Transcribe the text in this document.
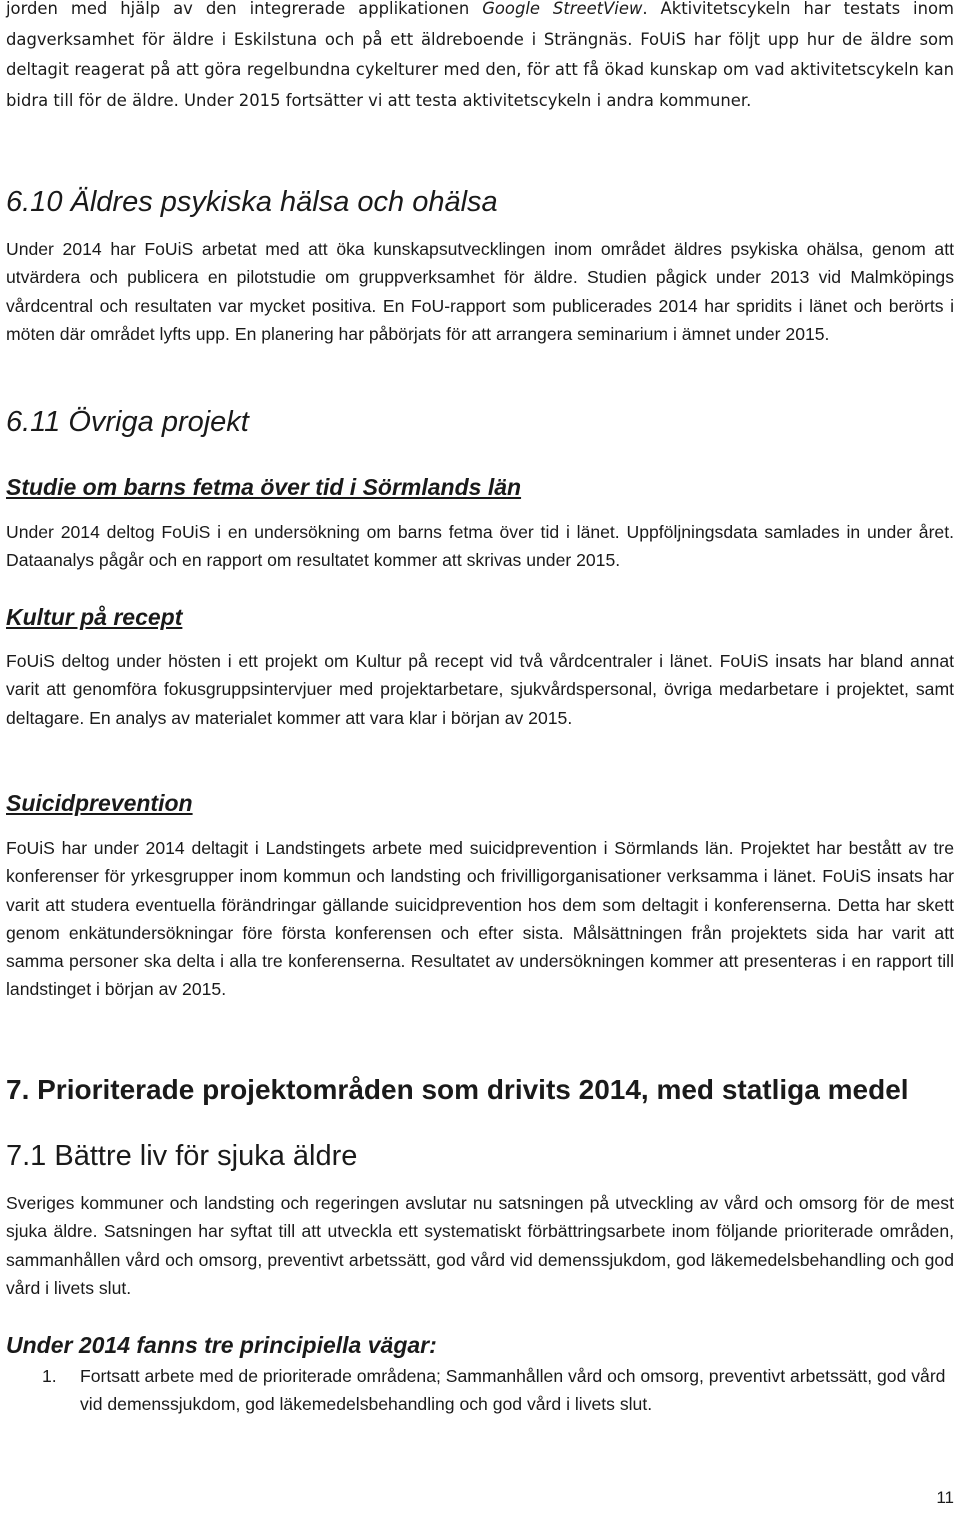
jorden med hjälp av den integrerade applikationen Google StreetView. Aktivitetscykeln har testats inom dagverksamhet för äldre i Eskilstuna och på ett äldreboende i Strängnäs. FoUiS har följt upp hur de äldre som deltagit reagerat på att göra regelbundna cykelturer med den, för att få ökad kunskap om vad aktivitetscykeln kan bidra till för de äldre. Under 2015 fortsätter vi att testa aktivitetscykeln i andra kommuner.

6.10 Äldres psykiska hälsa och ohälsa

Under 2014 har FoUiS arbetat med att öka kunskapsutvecklingen inom området äldres psykiska ohälsa, genom att utvärdera och publicera en pilotstudie om gruppverksamhet för äldre. Studien pågick under 2013 vid Malmköpings vårdcentral och resultaten var mycket positiva. En FoU-rapport som publicerades 2014 har spridits i länet och berörts i möten där området lyfts upp. En planering har påbörjats för att arrangera seminarium i ämnet under 2015.

6.11 Övriga projekt
Studie om barns fetma över tid i Sörmlands län

Under 2014 deltog FoUiS i en undersökning om barns fetma över tid i länet. Uppföljningsdata samlades in under året. Dataanalys pågår och en rapport om resultatet kommer att skrivas under 2015.

Kultur på recept

FoUiS deltog under hösten i ett projekt om Kultur på recept vid två vårdcentraler i länet. FoUiS insats har bland annat varit att genomföra fokusgruppsintervjuer med projektarbetare, sjukvårdspersonal, övriga medarbetare i projektet, samt deltagare. En analys av materialet kommer att vara klar i början av 2015.

Suicidprevention

FoUiS har under 2014 deltagit i Landstingets arbete med suicidprevention i Sörmlands län. Projektet har bestått av tre konferenser för yrkesgrupper inom kommun och landsting och frivilligorganisationer verksamma i länet. FoUiS insats har varit att studera eventuella förändringar gällande suicidprevention hos dem som deltagit i konferenserna. Detta har skett genom enkätundersökningar före första konferensen och efter sista. Målsättningen från projektets sida har varit att samma personer ska delta i alla tre konferenserna. Resultatet av undersökningen kommer att presenteras i en rapport till landstinget i början av 2015.

7. Prioriterade projektområden som drivits 2014, med statliga medel
7.1 Bättre liv för sjuka äldre

Sveriges kommuner och landsting och regeringen avslutar nu satsningen på utveckling av vård och omsorg för de mest sjuka äldre. Satsningen har syftat till att utveckla ett systematiskt förbättringsarbete inom följande prioriterade områden, sammanhållen vård och omsorg, preventivt arbetssätt, god vård vid demenssjukdom, god läkemedelsbehandling och god vård i livets slut.

Under 2014 fanns tre principiella vägar:
1. Fortsatt arbete med de prioriterade områdena; Sammanhållen vård och omsorg, preventivt arbetssätt, god vård vid demenssjukdom, god läkemedelsbehandling och god vård i livets slut.
11
